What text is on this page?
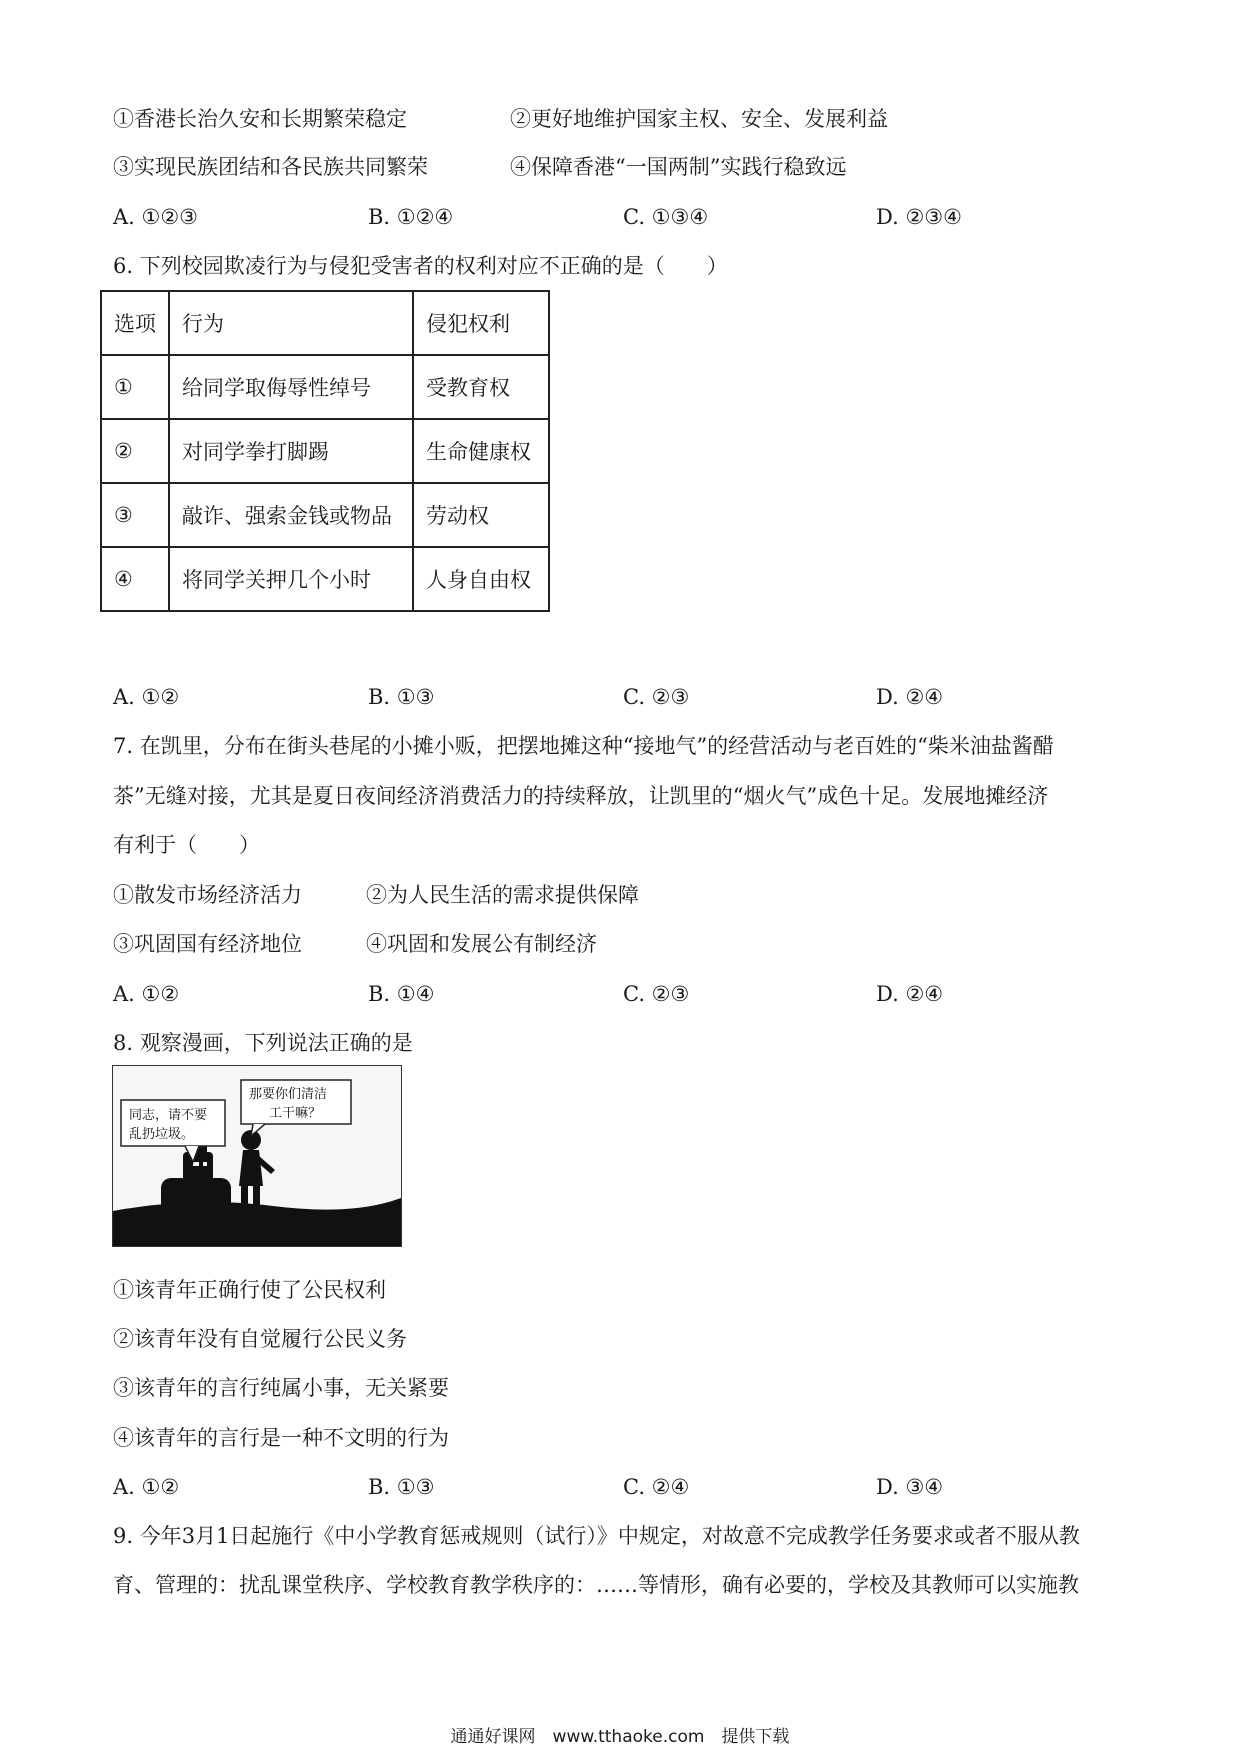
①香港长治久安和长期繁荣稳定	②更好地维护国家主权、安全、发展利益
③实现民族团结和各民族共同繁荣	④保障香港“一国两制”实践行稳致远
A. ①②③	B. ①②④	C. ①③④	D. ②③④
6. 下列校园欺凌行为与侵犯受害者的权利对应不正确的是（　　）
选项	行为	侵犯权利
①	给同学取侮辱性绰号	受教育权
②	对同学拳打脚踢	生命健康权
③	敲诈、强索金钱或物品	劳动权
④	将同学关押几个小时	人身自由权
A. ①②	B. ①③	C. ②③	D. ②④
7. 在凯里，分布在街头巷尾的小摊小贩，把摆地摊这种“接地气”的经营活动与老百姓的“柴米油盐酱醋
茶”无缝对接，尤其是夏日夜间经济消费活力的持续释放，让凯里的“烟火气”成色十足。发展地摊经济
有利于（　　）
①散发市场经济活力	②为人民生活的需求提供保障
③巩固国有经济地位	④巩固和发展公有制经济
A. ①②	B. ①④	C. ②③	D. ②④
8. 观察漫画，下列说法正确的是
同志，请不要
乱扔垃圾。
那要你们清洁
工干嘛？
①该青年正确行使了公民权利
②该青年没有自觉履行公民义务
③该青年的言行纯属小事，无关紧要
④该青年的言行是一种不文明的行为
A. ①②	B. ①③	C. ②④	D. ③④
9. 今年3月1日起施行《中小学教育惩戒规则（试行）》中规定，对故意不完成教学任务要求或者不服从教
育、管理的：扰乱课堂秩序、学校教育教学秩序的：……等情形，确有必要的，学校及其教师可以实施教
通通好课网　www.tthaoke.com　提供下载
